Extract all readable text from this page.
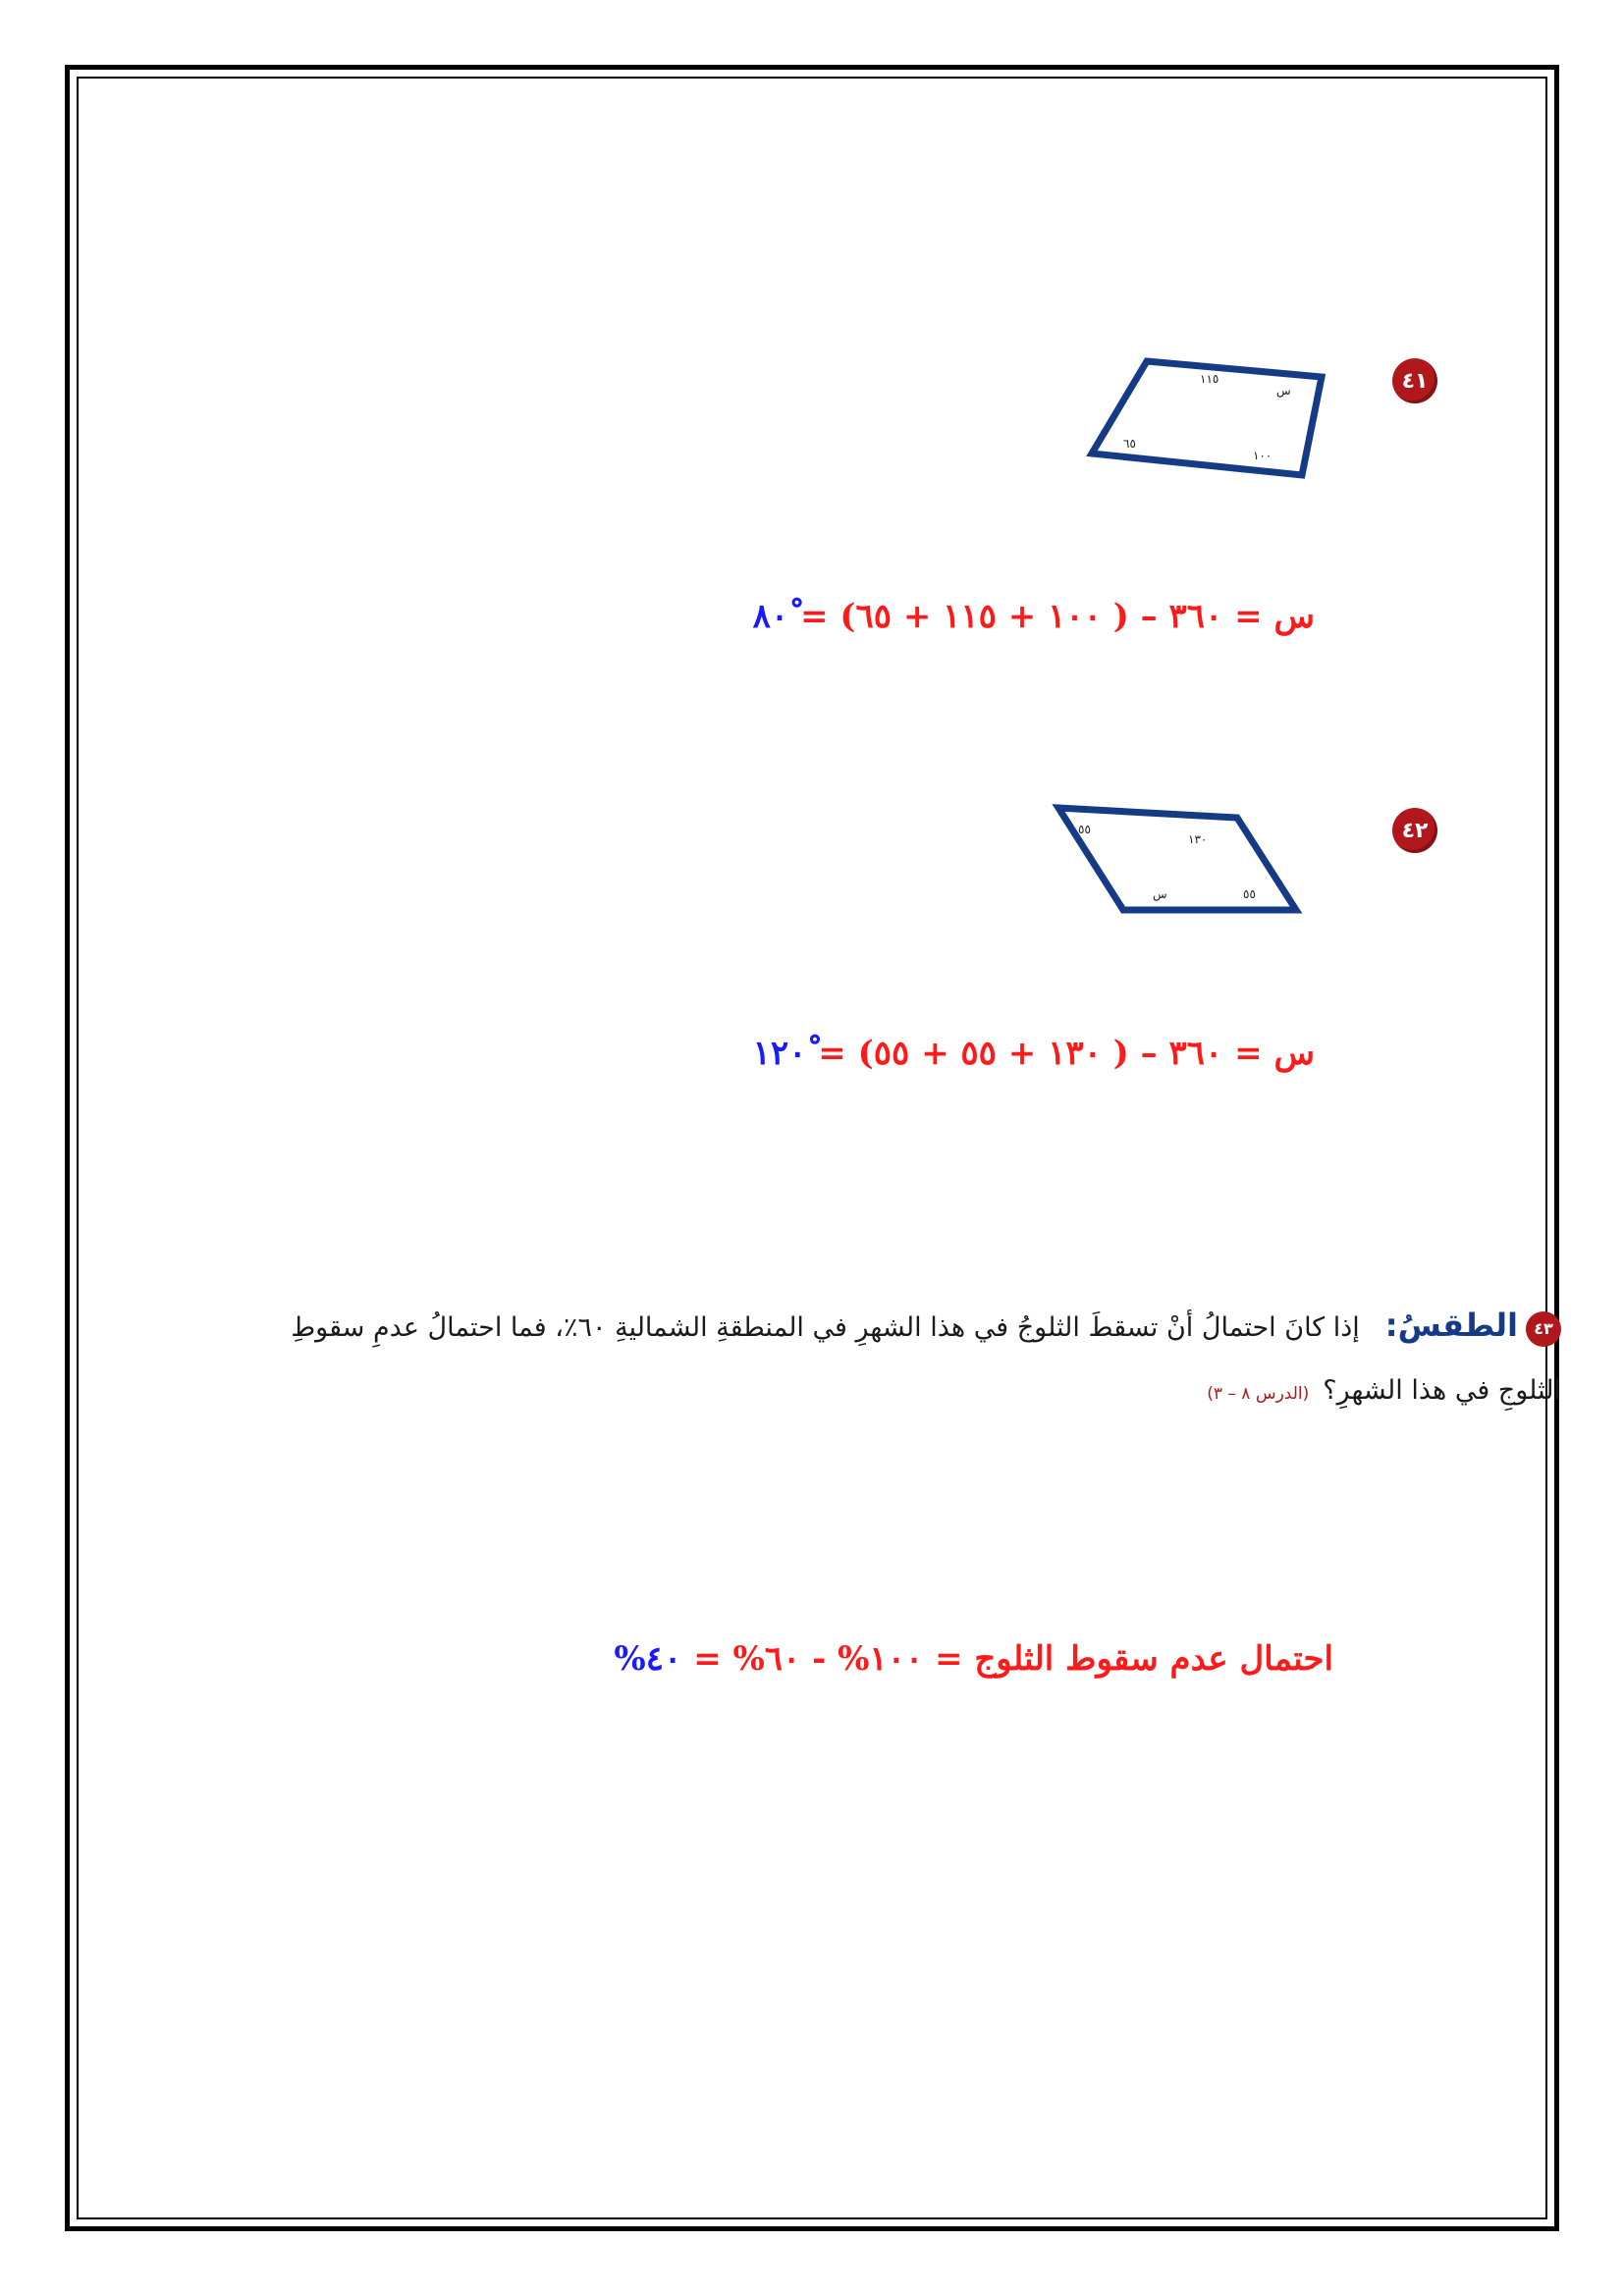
٤١
١١٥
س
٦٥
١٠٠
س = ٣٦٠ – ( ١٠٠ + ١١٥ + ٦٥) = ٨٠ْ
٤٢
٥٥
١٣٠
س	٥٥
س = ٣٦٠ – ( ١٣٠ + ٥٥ + ٥٥) = ١٢٠ْ
٤٣الطقسُ:إذا كانَ احتمالُ أنْ تسقطَ الثلوجُ في هذا الشهرِ في المنطقةِ الشماليةِ ٦٠٪، فما احتمالُ عدمِ سقوطِ
الثلوجِ في هذا الشهرِ؟(الدرس ٨ – ٣)
احتمال عدم سقوط الثلوج = ١٠٠% - ٦٠% = ٤٠%
